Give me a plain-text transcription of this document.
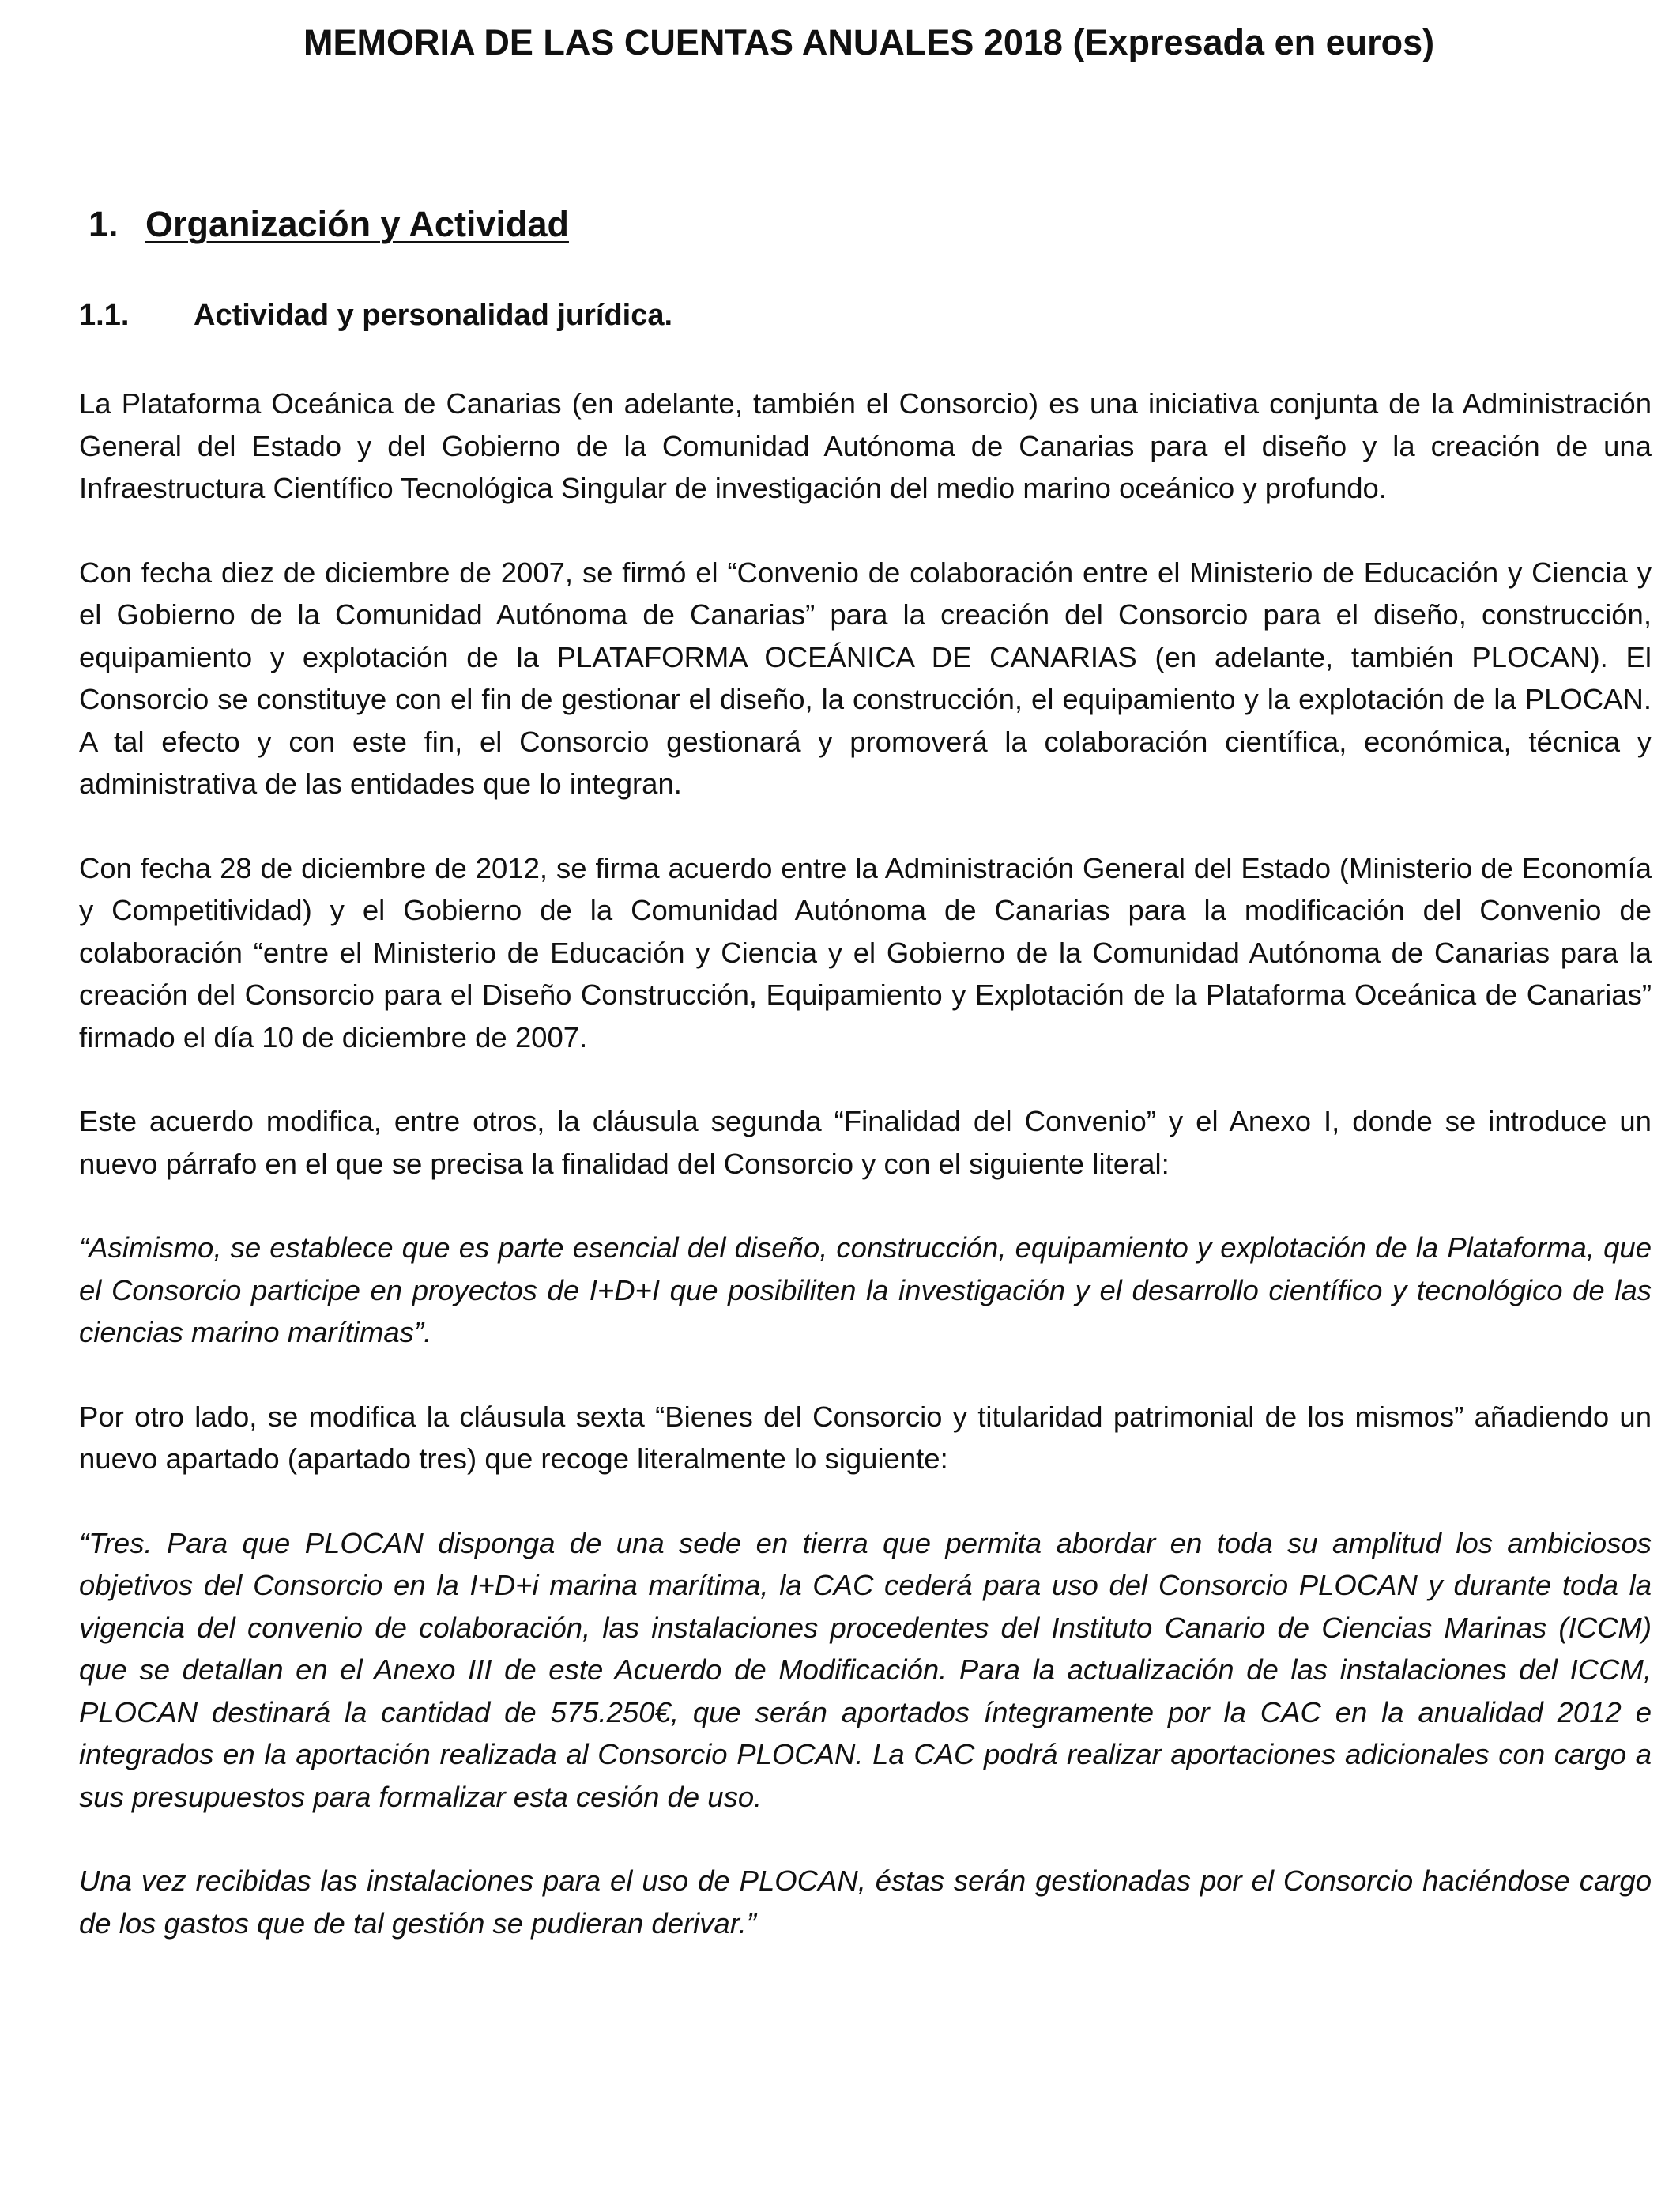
MEMORIA DE LAS CUENTAS ANUALES 2018 (Expresada en euros)
1. Organización y Actividad
1.1. Actividad y personalidad jurídica.

La Plataforma Oceánica de Canarias (en adelante, también el Consorcio) es una iniciativa conjunta de la Administración General del Estado y del Gobierno de la Comunidad Autónoma de Canarias para el diseño y la creación de una Infraestructura Científico Tecnológica Singular de investigación del medio marino oceánico y profundo.

Con fecha diez de diciembre de 2007, se firmó el “Convenio de colaboración entre el Ministerio de Educación y Ciencia y el Gobierno de la Comunidad Autónoma de Canarias” para la creación del Consorcio para el diseño, construcción, equipamiento y explotación de la PLATAFORMA OCEÁNICA DE CANARIAS (en adelante, también PLOCAN). El Consorcio se constituye con el fin de gestionar el diseño, la construcción, el equipamiento y la explotación de la PLOCAN. A tal efecto y con este fin, el Consorcio gestionará y promoverá la colaboración científica, económica, técnica y administrativa de las entidades que lo integran.

Con fecha 28 de diciembre de 2012, se firma acuerdo entre la Administración General del Estado (Ministerio de Economía y Competitividad) y el Gobierno de la Comunidad Autónoma de Canarias para la modificación del Convenio de colaboración “entre el Ministerio de Educación y Ciencia y el Gobierno de la Comunidad Autónoma de Canarias para la creación del Consorcio para el Diseño Construcción, Equipamiento y Explotación de la Plataforma Oceánica de Canarias” firmado el día 10 de diciembre de 2007.

Este acuerdo modifica, entre otros, la cláusula segunda “Finalidad del Convenio” y el Anexo I, donde se introduce un nuevo párrafo en el que se precisa la finalidad del Consorcio y con el siguiente literal:

“Asimismo, se establece que es parte esencial del diseño, construcción, equipamiento y explotación de la Plataforma, que el Consorcio participe en proyectos de I+D+I que posibiliten la investigación y el desarrollo científico y tecnológico de las ciencias marino marítimas”.

Por otro lado, se modifica la cláusula sexta “Bienes del Consorcio y titularidad patrimonial de los mismos” añadiendo un nuevo apartado (apartado tres) que recoge literalmente lo siguiente:

“Tres. Para que PLOCAN disponga de una sede en tierra que permita abordar en toda su amplitud los ambiciosos objetivos del Consorcio en la I+D+i marina marítima, la CAC cederá para uso del Consorcio PLOCAN y durante toda la vigencia del convenio de colaboración, las instalaciones procedentes del Instituto Canario de Ciencias Marinas (ICCM) que se detallan en el Anexo III de este Acuerdo de Modificación. Para la actualización de las instalaciones del ICCM, PLOCAN destinará la cantidad de 575.250€, que serán aportados íntegramente por la CAC en la anualidad 2012 e integrados en la aportación realizada al Consorcio PLOCAN. La CAC podrá realizar aportaciones adicionales con cargo a sus presupuestos para formalizar esta cesión de uso.

Una vez recibidas las instalaciones para el uso de PLOCAN, éstas serán gestionadas por el Consorcio haciéndose cargo de los gastos que de tal gestión se pudieran derivar.”
